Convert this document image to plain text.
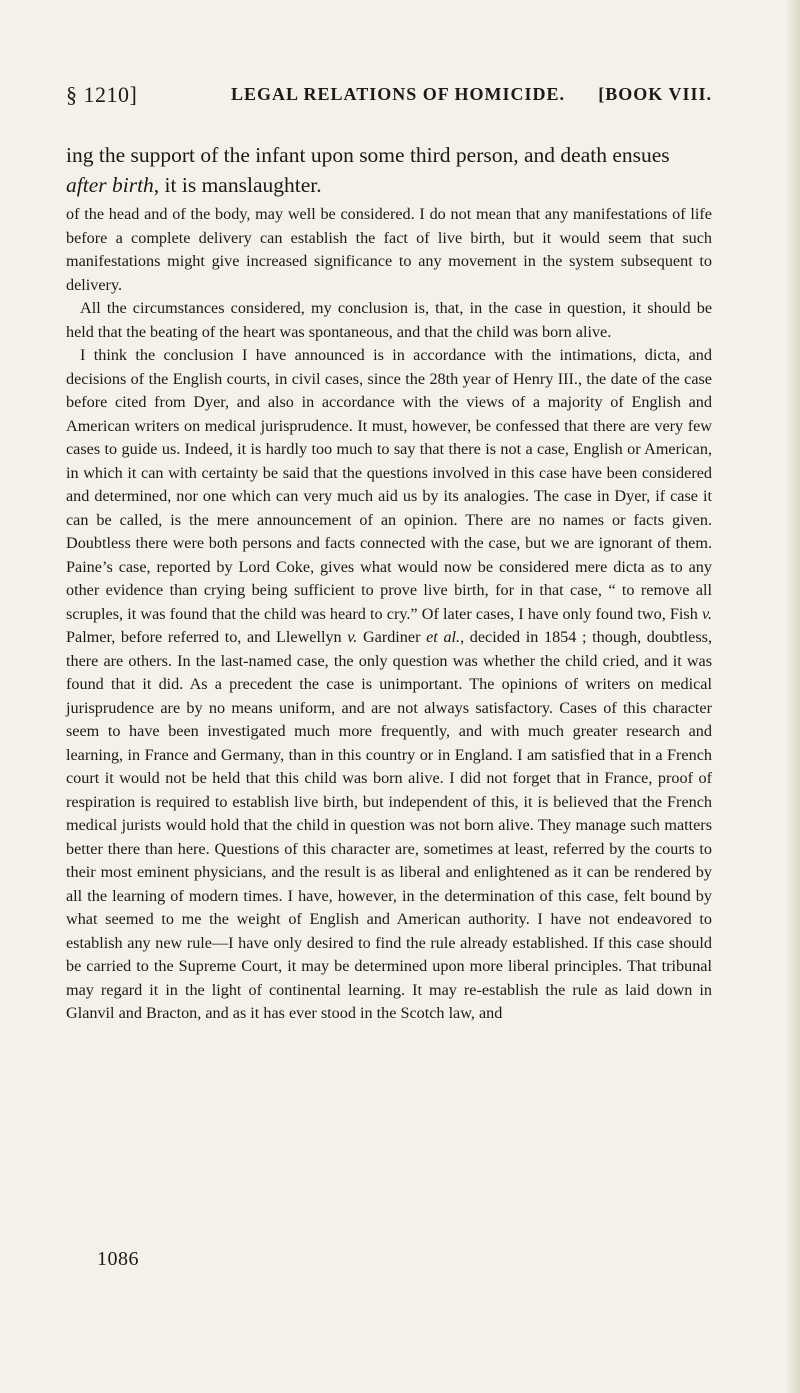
§ 1210]	LEGAL RELATIONS OF HOMICIDE. [BOOK VIII.

ing the support of the infant upon some third person, and death ensues after birth, it is manslaughter.

of the head and of the body, may well be considered. I do not mean that any manifestations of life before a complete delivery can establish the fact of live birth, but it would seem that such manifestations might give increased significance to any movement in the system subsequent to delivery.

All the circumstances considered, my conclusion is, that, in the case in question, it should be held that the beating of the heart was spontaneous, and that the child was born alive.

I think the conclusion I have announced is in accordance with the intimations, dicta, and decisions of the English courts, in civil cases, since the 28th year of Henry III., the date of the case before cited from Dyer, and also in accordance with the views of a majority of English and American writers on medical jurisprudence. It must, however, be confessed that there are very few cases to guide us. Indeed, it is hardly too much to say that there is not a case, English or American, in which it can with certainty be said that the questions involved in this case have been considered and determined, nor one which can very much aid us by its analogies. The case in Dyer, if case it can be called, is the mere announcement of an opinion. There are no names or facts given. Doubtless there were both persons and facts connected with the case, but we are ignorant of them. Paine’s case, reported by Lord Coke, gives what would now be considered mere dicta as to any other evidence than crying being sufficient to prove live birth, for in that case, “ to remove all scruples, it was found that the child was heard to cry.” Of later cases, I have only found two, Fish v. Palmer, before referred to, and Llewellyn v. Gardiner et al., decided in 1854 ; though, doubtless, there are others. In the last-named case, the only question was whether the child cried, and it was found that it did. As a precedent the case is unimportant. The opinions of writers on medical jurisprudence are by no means uniform, and are not always satisfactory. Cases of this character seem to have been investigated much more frequently, and with much greater research and learning, in France and Germany, than in this country or in England. I am satisfied that in a French court it would not be held that this child was born alive. I did not forget that in France, proof of respiration is required to establish live birth, but independent of this, it is believed that the French medical jurists would hold that the child in question was not born alive. They manage such matters better there than here. Questions of this character are, sometimes at least, referred by the courts to their most eminent physicians, and the result is as liberal and enlightened as it can be rendered by all the learning of modern times. I have, however, in the determination of this case, felt bound by what seemed to me the weight of English and American authority. I have not endeavored to establish any new rule—I have only desired to find the rule already established. If this case should be carried to the Supreme Court, it may be determined upon more liberal principles. That tribunal may regard it in the light of continental learning. It may re-establish the rule as laid down in Glanvil and Bracton, and as it has ever stood in the Scotch law, and

1086
